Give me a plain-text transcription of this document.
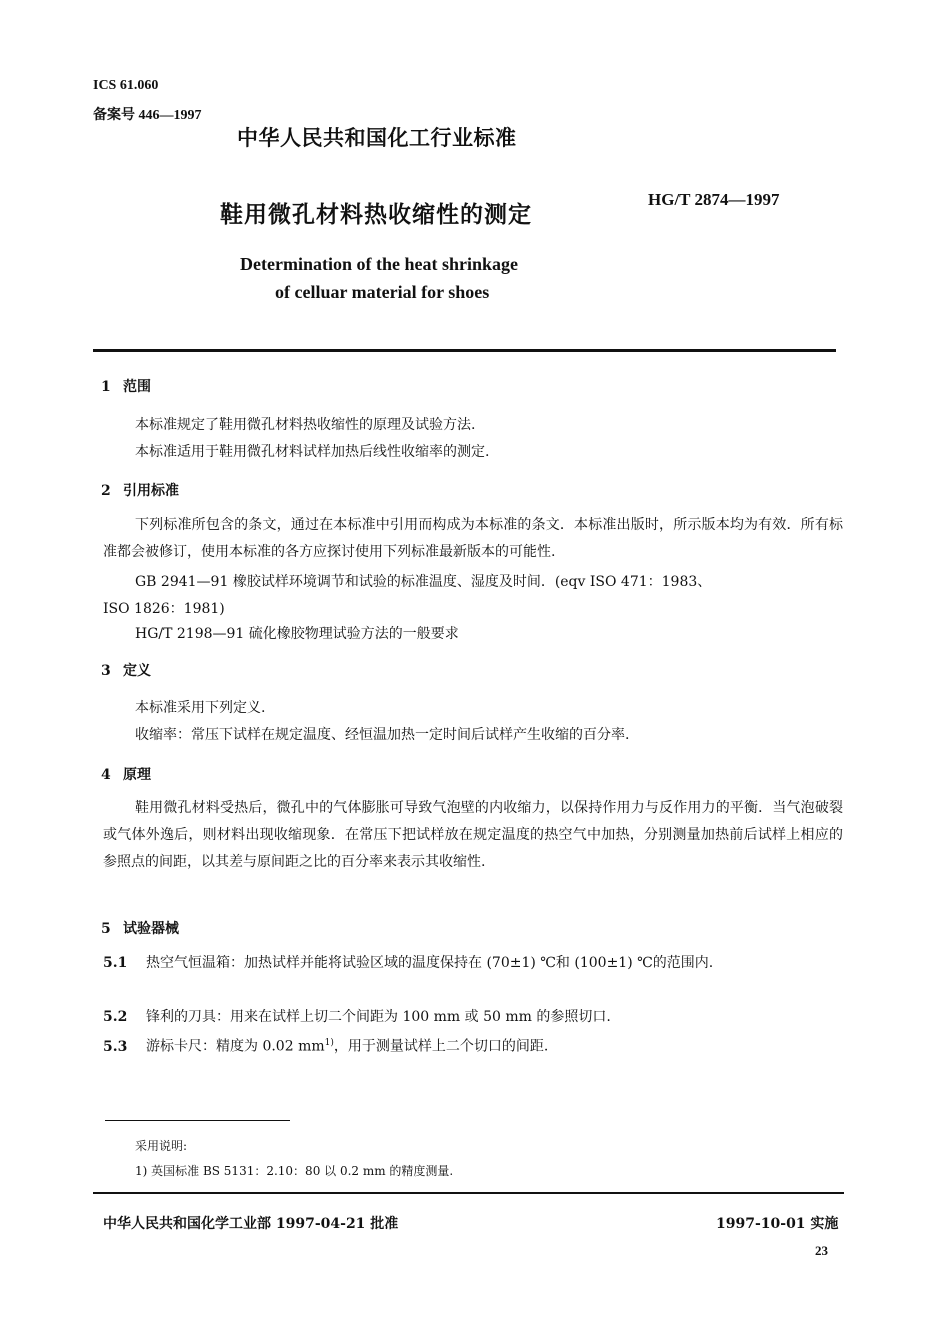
ICS 61.060
备案号 446—1997
中华人民共和国化工行业标准
鞋用微孔材料热收缩性的测定
HG/T 2874—1997
Determination of the heat shrinkage
of celluar material for shoes
1 范围
本标准规定了鞋用微孔材料热收缩性的原理及试验方法.
本标准适用于鞋用微孔材料试样加热后线性收缩率的测定.
2 引用标准

下列标准所包含的条文，通过在本标准中引用而构成为本标准的条文．本标准出版时，所示版本均为有效．所有标准都会被修订，使用本标准的各方应探讨使用下列标准最新版本的可能性.

GB 2941—91 橡胶试样环境调节和试验的标准温度、湿度及时间．(eqv ISO 471：1983、
ISO 1826：1981)
HG/T 2198—91 硫化橡胶物理试验方法的一般要求
3 定义
本标准采用下列定义.
收缩率：常压下试样在规定温度、经恒温加热一定时间后试样产生收缩的百分率.
4 原理

鞋用微孔材料受热后，微孔中的气体膨胀可导致气泡壁的内收缩力，以保持作用力与反作用力的平衡．当气泡破裂或气体外逸后，则材料出现收缩现象．在常压下把试样放在规定温度的热空气中加热，分别测量加热前后试样上相应的参照点的间距，以其差与原间距之比的百分率来表示其收缩性.

5 试验器械
5.1 热空气恒温箱：加热试样并能将试验区域的温度保持在 (70±1) ℃和 (100±1) ℃的范围内.
5.2 锋利的刀具：用来在试样上切二个间距为 100 mm 或 50 mm 的参照切口.
5.3 游标卡尺：精度为 0.02 $mm^{1)}$，用于测量试样上二个切口的间距.
采用说明:
1) 英国标准 BS 5131：2.10：80 以 0.2 mm 的精度测量.
中华人民共和国化学工业部 1997-04-21 批准	1997-10-01 实施
23
